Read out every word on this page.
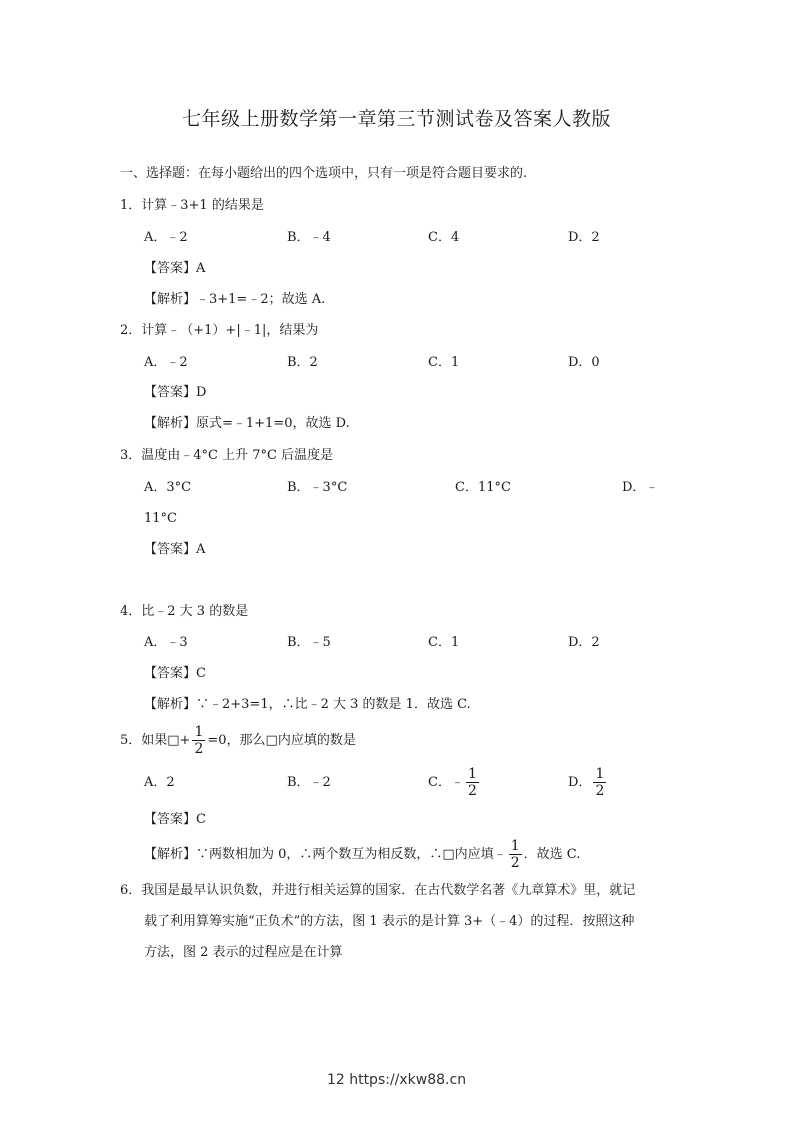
七年级上册数学第一章第三节测试卷及答案人教版
一、选择题：在每小题给出的四个选项中，只有一项是符合题目要求的.
1．计算﹣3+1 的结果是
A．﹣2	B．﹣4	C．4	D．2
【答案】A
【解析】﹣3+1=﹣2；故选 A.
2．计算﹣（+1）+|﹣1|，结果为
A．﹣2	B．2	C．1	D．0
【答案】D
【解析】原式=﹣1+1=0，故选 D.
3．温度由﹣4°C 上升 7°C 后温度是
A．3°C	B．﹣3°C	C．11°C	D．﹣
11°C
【答案】A
4．比﹣2 大 3 的数是
A．﹣3	B．﹣5	C．1	D．2
【答案】C
【解析】∵﹣2+3=1，∴比﹣2 大 3 的数是 1．故选 C.
5．如果□+ $\frac{1}{2} =0$，那么□内应填的数是
A．2	B．﹣2	C．﹣ $\frac{1}{2}$	D． $\frac{1}{2}$
【答案】C
【解析】∵两数相加为 0，∴两个数互为相反数，∴□内应填﹣ $\frac{1}{2}$ ．故选 C.
6．我国是最早认识负数，并进行相关运算的国家．在古代数学名著《九章算术》里，就记
载了利用算筹实施“正负术”的方法，图 1 表示的是计算 3+（﹣4）的过程．按照这种
方法，图 2 表示的过程应是在计算
12 https://xkw88.cn
